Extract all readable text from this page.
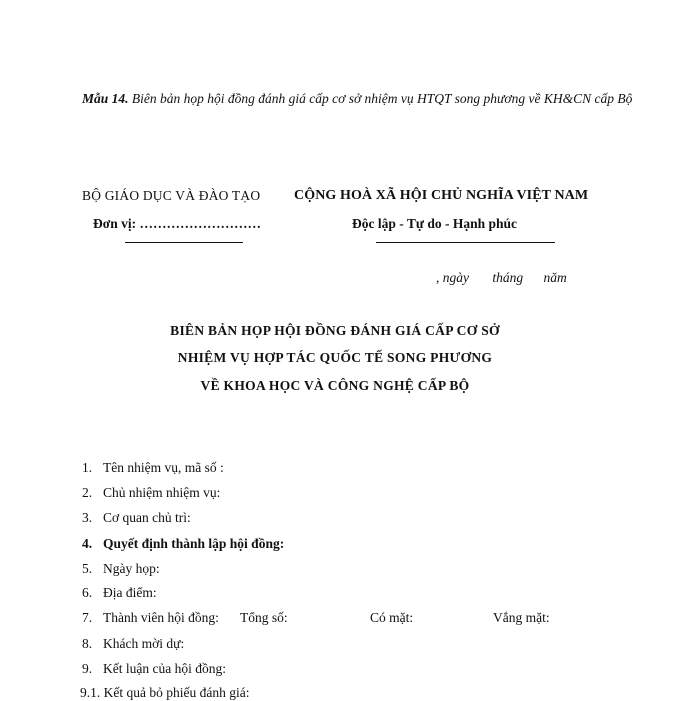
Mẫu 14. Biên bản họp hội đồng đánh giá cấp cơ sở nhiệm vụ HTQT song phương về KH&CN cấp Bộ
BỘ GIÁO DỤC VÀ ĐÀO TẠO CỘNG HOÀ XÃ HỘI CHỦ NGHĨA VIỆT NAM
Đơn vị: ………………………	Độc lập - Tự do - Hạnh phúc
, ngày tháng năm
BIÊN BẢN HỌP HỘI ĐỒNG ĐÁNH GIÁ CẤP CƠ SỞ
NHIỆM VỤ HỢP TÁC QUỐC TẾ SONG PHƯƠNG
VỀ KHOA HỌC VÀ CÔNG NGHỆ CẤP BỘ
1. Tên nhiệm vụ, mã số :
2. Chủ nhiệm nhiệm vụ:
3. Cơ quan chủ trì:
4. Quyết định thành lập hội đồng:
5. Ngày họp:
6. Địa điểm:
7. Thành viên hội đồng: Tổng số:	Có mặt:	Vắng mặt:
8. Khách mời dự:
9. Kết luận của hội đồng:
9.1. Kết quả bỏ phiếu đánh giá:
